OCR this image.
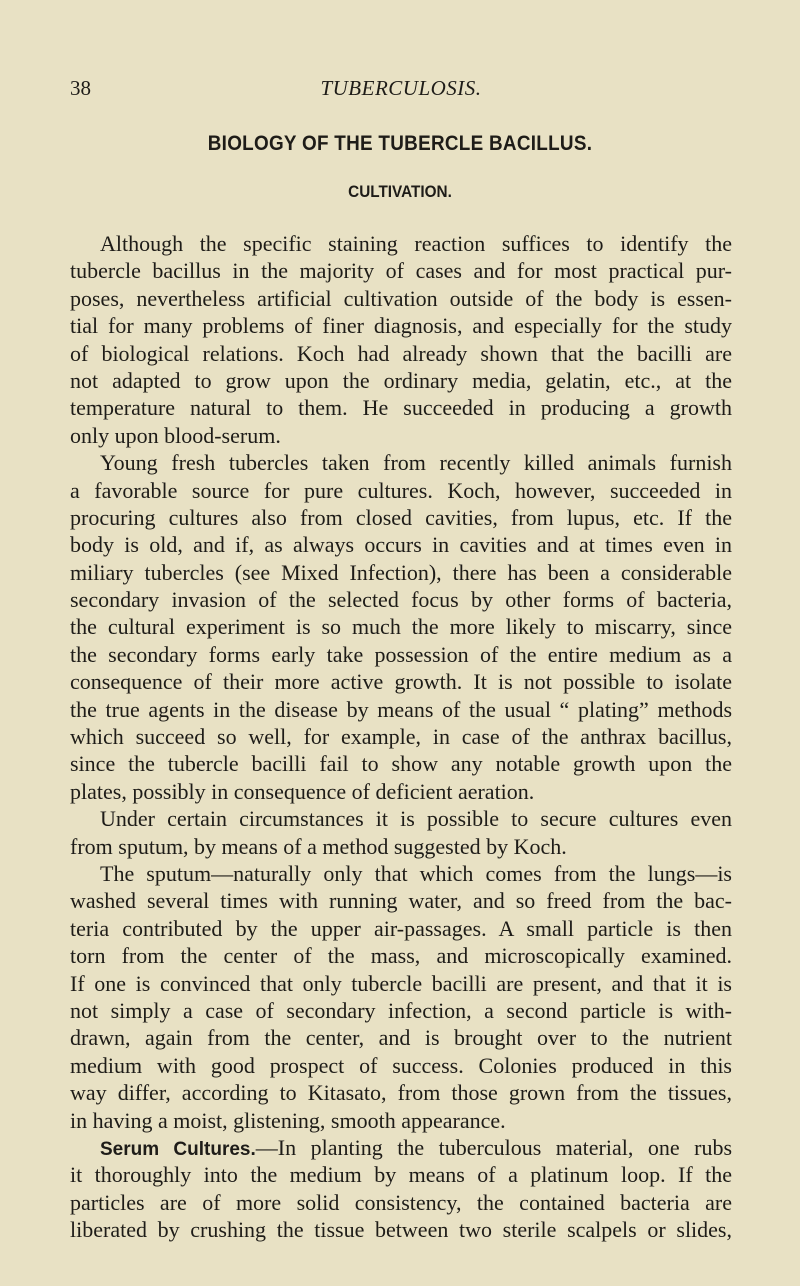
38	TUBERCULOSIS.
BIOLOGY OF THE TUBERCLE BACILLUS.
CULTIVATION.
Although the specific staining reaction suffices to identify the
tubercle bacillus in the majority of cases and for most practical pur-
poses, nevertheless artificial cultivation outside of the body is essen-
tial for many problems of finer diagnosis, and especially for the study
of biological relations. Koch had already shown that the bacilli are
not adapted to grow upon the ordinary media, gelatin, etc., at the
temperature natural to them. He succeeded in producing a growth
only upon blood-serum.
Young fresh tubercles taken from recently killed animals furnish
a favorable source for pure cultures. Koch, however, succeeded in
procuring cultures also from closed cavities, from lupus, etc. If the
body is old, and if, as always occurs in cavities and at times even in
miliary tubercles (see Mixed Infection), there has been a considerable
secondary invasion of the selected focus by other forms of bacteria,
the cultural experiment is so much the more likely to miscarry, since
the secondary forms early take possession of the entire medium as a
consequence of their more active growth. It is not possible to isolate
the true agents in the disease by means of the usual “ plating” methods
which succeed so well, for example, in case of the anthrax bacillus,
since the tubercle bacilli fail to show any notable growth upon the
plates, possibly in consequence of deficient aeration.
Under certain circumstances it is possible to secure cultures even
from sputum, by means of a method suggested by Koch.
The sputum—naturally only that which comes from the lungs—is
washed several times with running water, and so freed from the bac-
teria contributed by the upper air-passages. A small particle is then
torn from the center of the mass, and microscopically examined.
If one is convinced that only tubercle bacilli are present, and that it is
not simply a case of secondary infection, a second particle is with-
drawn, again from the center, and is brought over to the nutrient
medium with good prospect of success. Colonies produced in this
way differ, according to Kitasato, from those grown from the tissues,
in having a moist, glistening, smooth appearance.
Serum Cultures.—In planting the tuberculous material, one rubs
it thoroughly into the medium by means of a platinum loop. If the
particles are of more solid consistency, the contained bacteria are
liberated by crushing the tissue between two sterile scalpels or slides,
